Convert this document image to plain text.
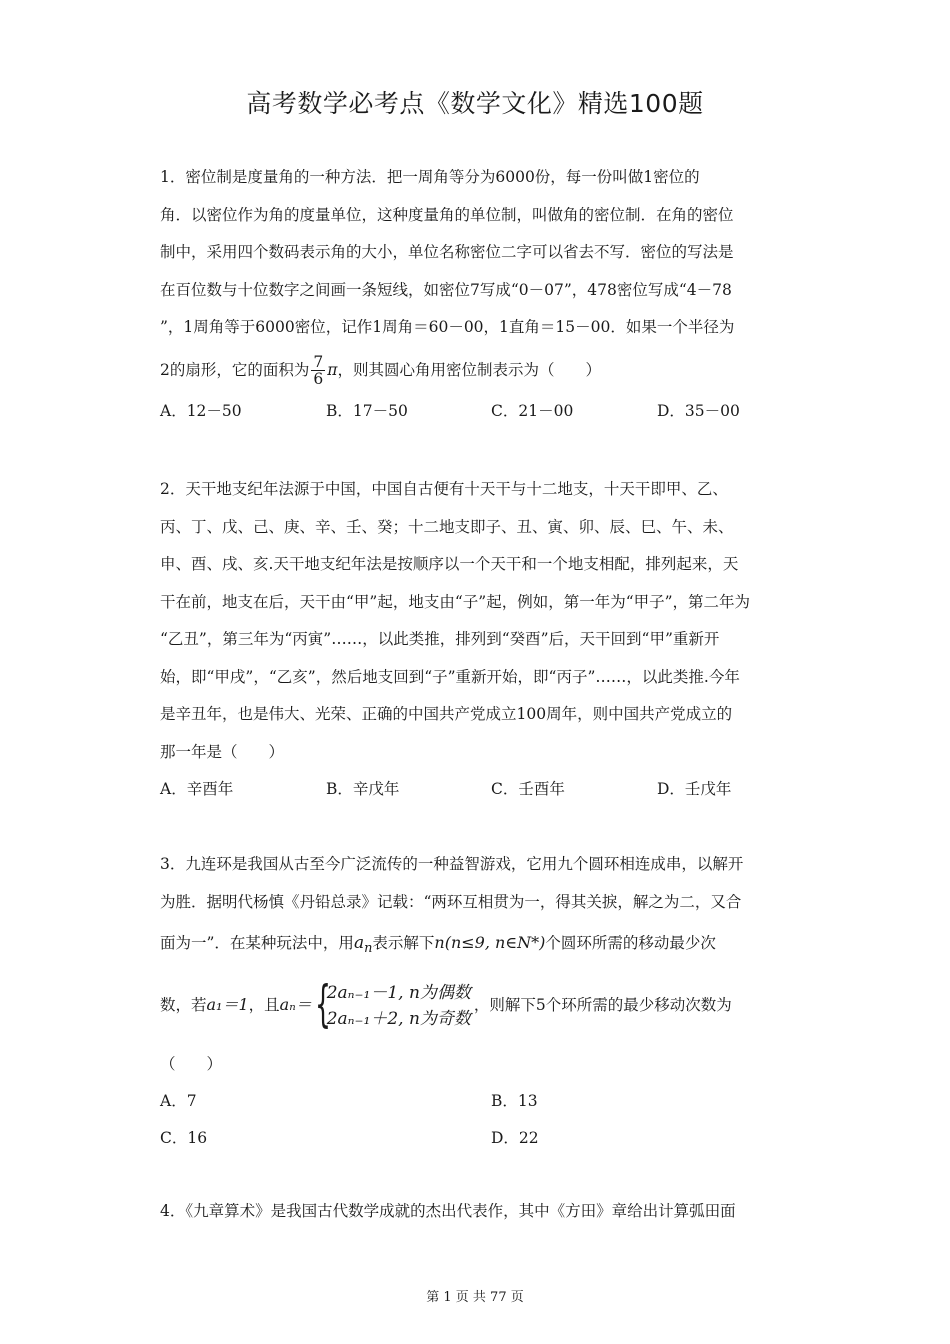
高考数学必考点《数学文化》精选100题
1．密位制是度量角的一种方法．把一周角等分为6000份，每一份叫做1密位的
角．以密位作为角的度量单位，这种度量角的单位制，叫做角的密位制．在角的密位
制中，采用四个数码表示角的大小，单位名称密位二字可以省去不写．密位的写法是
在百位数与十位数字之间画一条短线，如密位7写成“0－07”，478密位写成“4－78
”，1周角等于6000密位，记作1周角＝60－00，1直角＝15－00．如果一个半径为
2的扇形，它的面积为 $\frac{7}{6}$ π，则其圆心角用密位制表示为（　　）
A．12－50	B．17－50	C．21－00	D．35－00
2．天干地支纪年法源于中国，中国自古便有十天干与十二地支，十天干即甲、乙、
丙、丁、戊、己、庚、辛、壬、癸；十二地支即子、丑、寅、卯、辰、巳、午、未、
申、酉、戌、亥.天干地支纪年法是按顺序以一个天干和一个地支相配，排列起来，天
干在前，地支在后，天干由“甲”起，地支由“子”起，例如，第一年为“甲子”，第二年为
“乙丑”，第三年为“丙寅”……，以此类推，排列到“癸酉”后，天干回到“甲”重新开
始，即“甲戌”，“乙亥”，然后地支回到“子”重新开始，即“丙子”……，以此类推.今年
是辛丑年，也是伟大、光荣、正确的中国共产党成立100周年，则中国共产党成立的
那一年是（　　）
A．辛酉年	B．辛戊年	C．壬酉年	D．壬戊年
3．九连环是我国从古至今广泛流传的一种益智游戏，它用九个圆环相连成串，以解开
为胜．据明代杨慎《丹铅总录》记载：“两环互相贯为一，得其关捩，解之为二，又合
面为一”．在某种玩法中，用$a_n$表示解下n(n≤9, n∈N*)个圆环所需的移动最少次
数，若a₁＝1，且aₙ＝ {
2aₙ₋₁－1, n为偶数
2aₙ₋₁＋2, n为奇数
，则解下5个环所需的最少移动次数为
（　　）
A．7	B．13
C．16	D．22
4．《九章算术》是我国古代数学成就的杰出代表作，其中《方田》章给出计算弧田面
第 1 页 共 77 页
